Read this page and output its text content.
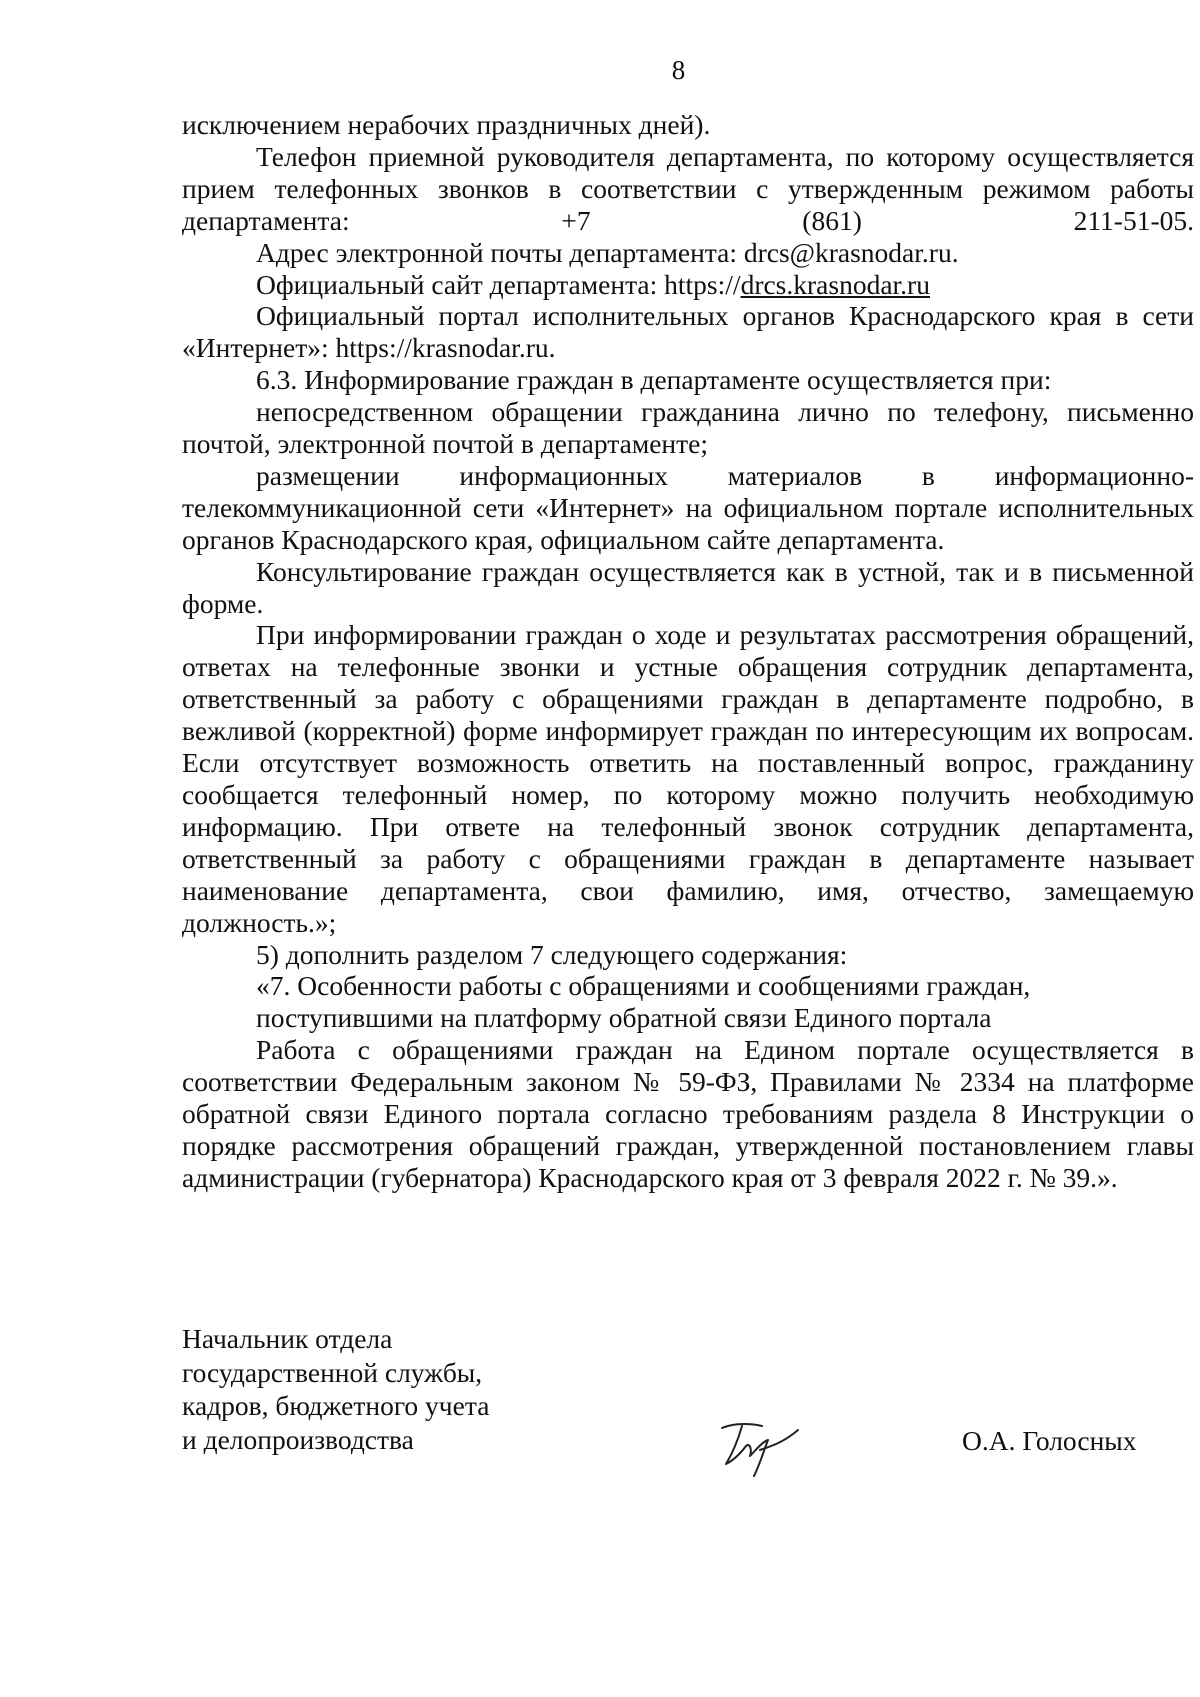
8

исключением нерабочих праздничных дней).

Телефон приемной руководителя департамента, по которому осуществляется прием телефонных звонков в соответствии с утвержденным режимом работы департамента: +7 (861) 211-51-05.

Адрес электронной почты департамента: drcs@krasnodar.ru.

Официальный сайт департамента: https://drcs.krasnodar.ru

Официальный портал исполнительных органов Краснодарского края в сети «Интернет»: https://krasnodar.ru.

6.3. Информирование граждан в департаменте осуществляется при:

непосредственном обращении гражданина лично по телефону, письменно почтой, электронной почтой в департаменте;

размещении информационных материалов в информационно-телекоммуникационной сети «Интернет» на официальном портале исполнительных органов Краснодарского края, официальном сайте департамента.

Консультирование граждан осуществляется как в устной, так и в письменной форме.

При информировании граждан о ходе и результатах рассмотрения обращений, ответах на телефонные звонки и устные обращения сотрудник департамента, ответственный за работу с обращениями граждан в департаменте подробно, в вежливой (корректной) форме информирует граждан по интересующим их вопросам. Если отсутствует возможность ответить на поставленный вопрос, гражданину сообщается телефонный номер, по которому можно получить необходимую информацию. При ответе на телефонный звонок сотрудник департамента, ответственный за работу с обращениями граждан в департаменте называет наименование департамента, свои фамилию, имя, отчество, замещаемую должность.»;

5) дополнить разделом 7 следующего содержания:

«7. Особенности работы с обращениями и сообщениями граждан,

поступившими на платформу обратной связи Единого портала

Работа с обращениями граждан на Едином портале осуществляется в соответствии Федеральным законом № 59-ФЗ, Правилами № 2334 на платформе обратной связи Единого портала согласно требованиям раздела 8 Инструкции о порядке рассмотрения обращений граждан, утвержденной постановлением главы администрации (губернатора) Краснодарского края от 3 февраля 2022 г. № 39.».

Начальник отдела

государственной службы,

кадров, бюджетного учета

и делопроизводства	О.А. Голосных
